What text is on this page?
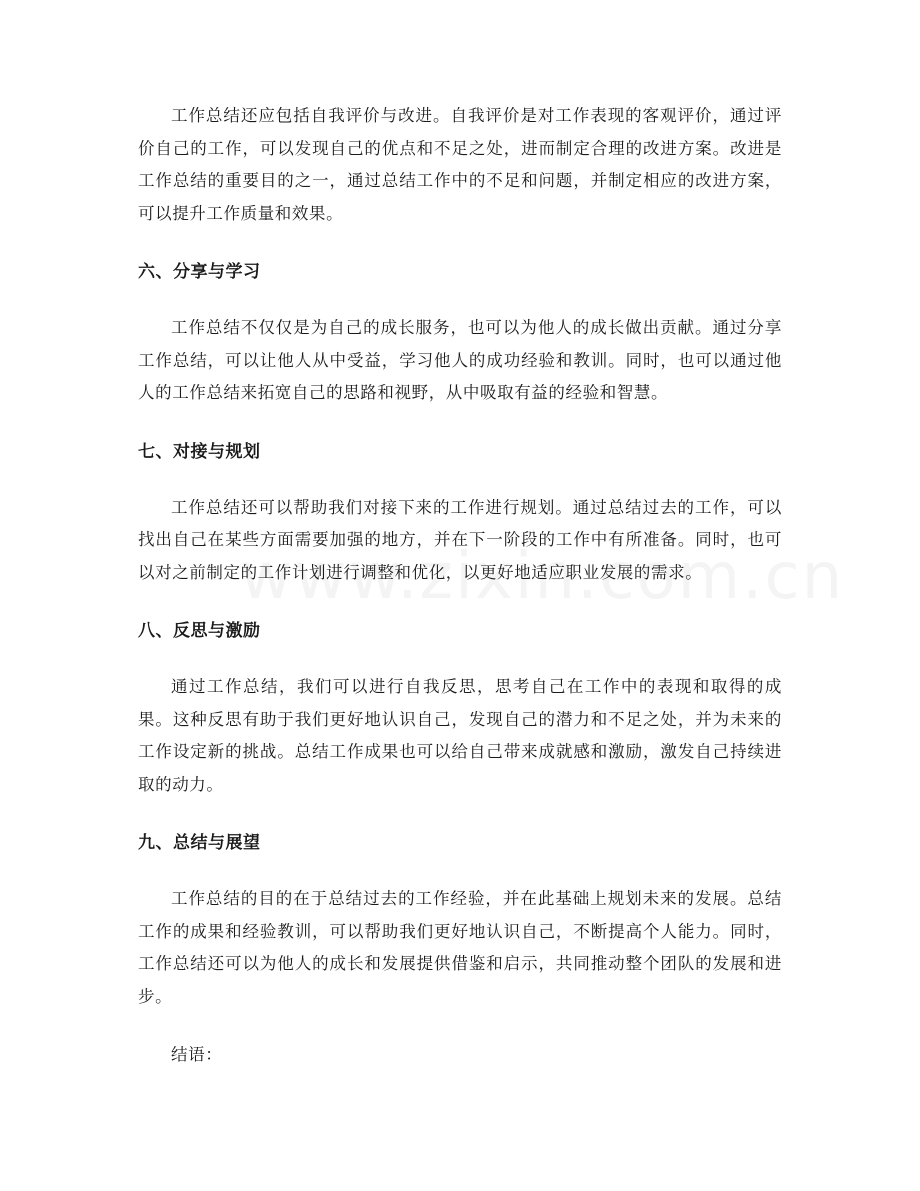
工作总结还应包括自我评价与改进。自我评价是对工作表现的客观评价，通过评价自己的工作，可以发现自己的优点和不足之处，进而制定合理的改进方案。改进是工作总结的重要目的之一，通过总结工作中的不足和问题，并制定相应的改进方案，可以提升工作质量和效果。

六、分享与学习

工作总结不仅仅是为自己的成长服务，也可以为他人的成长做出贡献。通过分享工作总结，可以让他人从中受益，学习他人的成功经验和教训。同时，也可以通过他人的工作总结来拓宽自己的思路和视野，从中吸取有益的经验和智慧。

七、对接与规划

工作总结还可以帮助我们对接下来的工作进行规划。通过总结过去的工作，可以找出自己在某些方面需要加强的地方，并在下一阶段的工作中有所准备。同时，也可以对之前制定的工作计划进行调整和优化，以更好地适应职业发展的需求。

八、反思与激励

通过工作总结，我们可以进行自我反思，思考自己在工作中的表现和取得的成果。这种反思有助于我们更好地认识自己，发现自己的潜力和不足之处，并为未来的工作设定新的挑战。总结工作成果也可以给自己带来成就感和激励，激发自己持续进取的动力。

九、总结与展望

工作总结的目的在于总结过去的工作经验，并在此基础上规划未来的发展。总结工作的成果和经验教训，可以帮助我们更好地认识自己，不断提高个人能力。同时，工作总结还可以为他人的成长和发展提供借鉴和启示，共同推动整个团队的发展和进步。

结语：
